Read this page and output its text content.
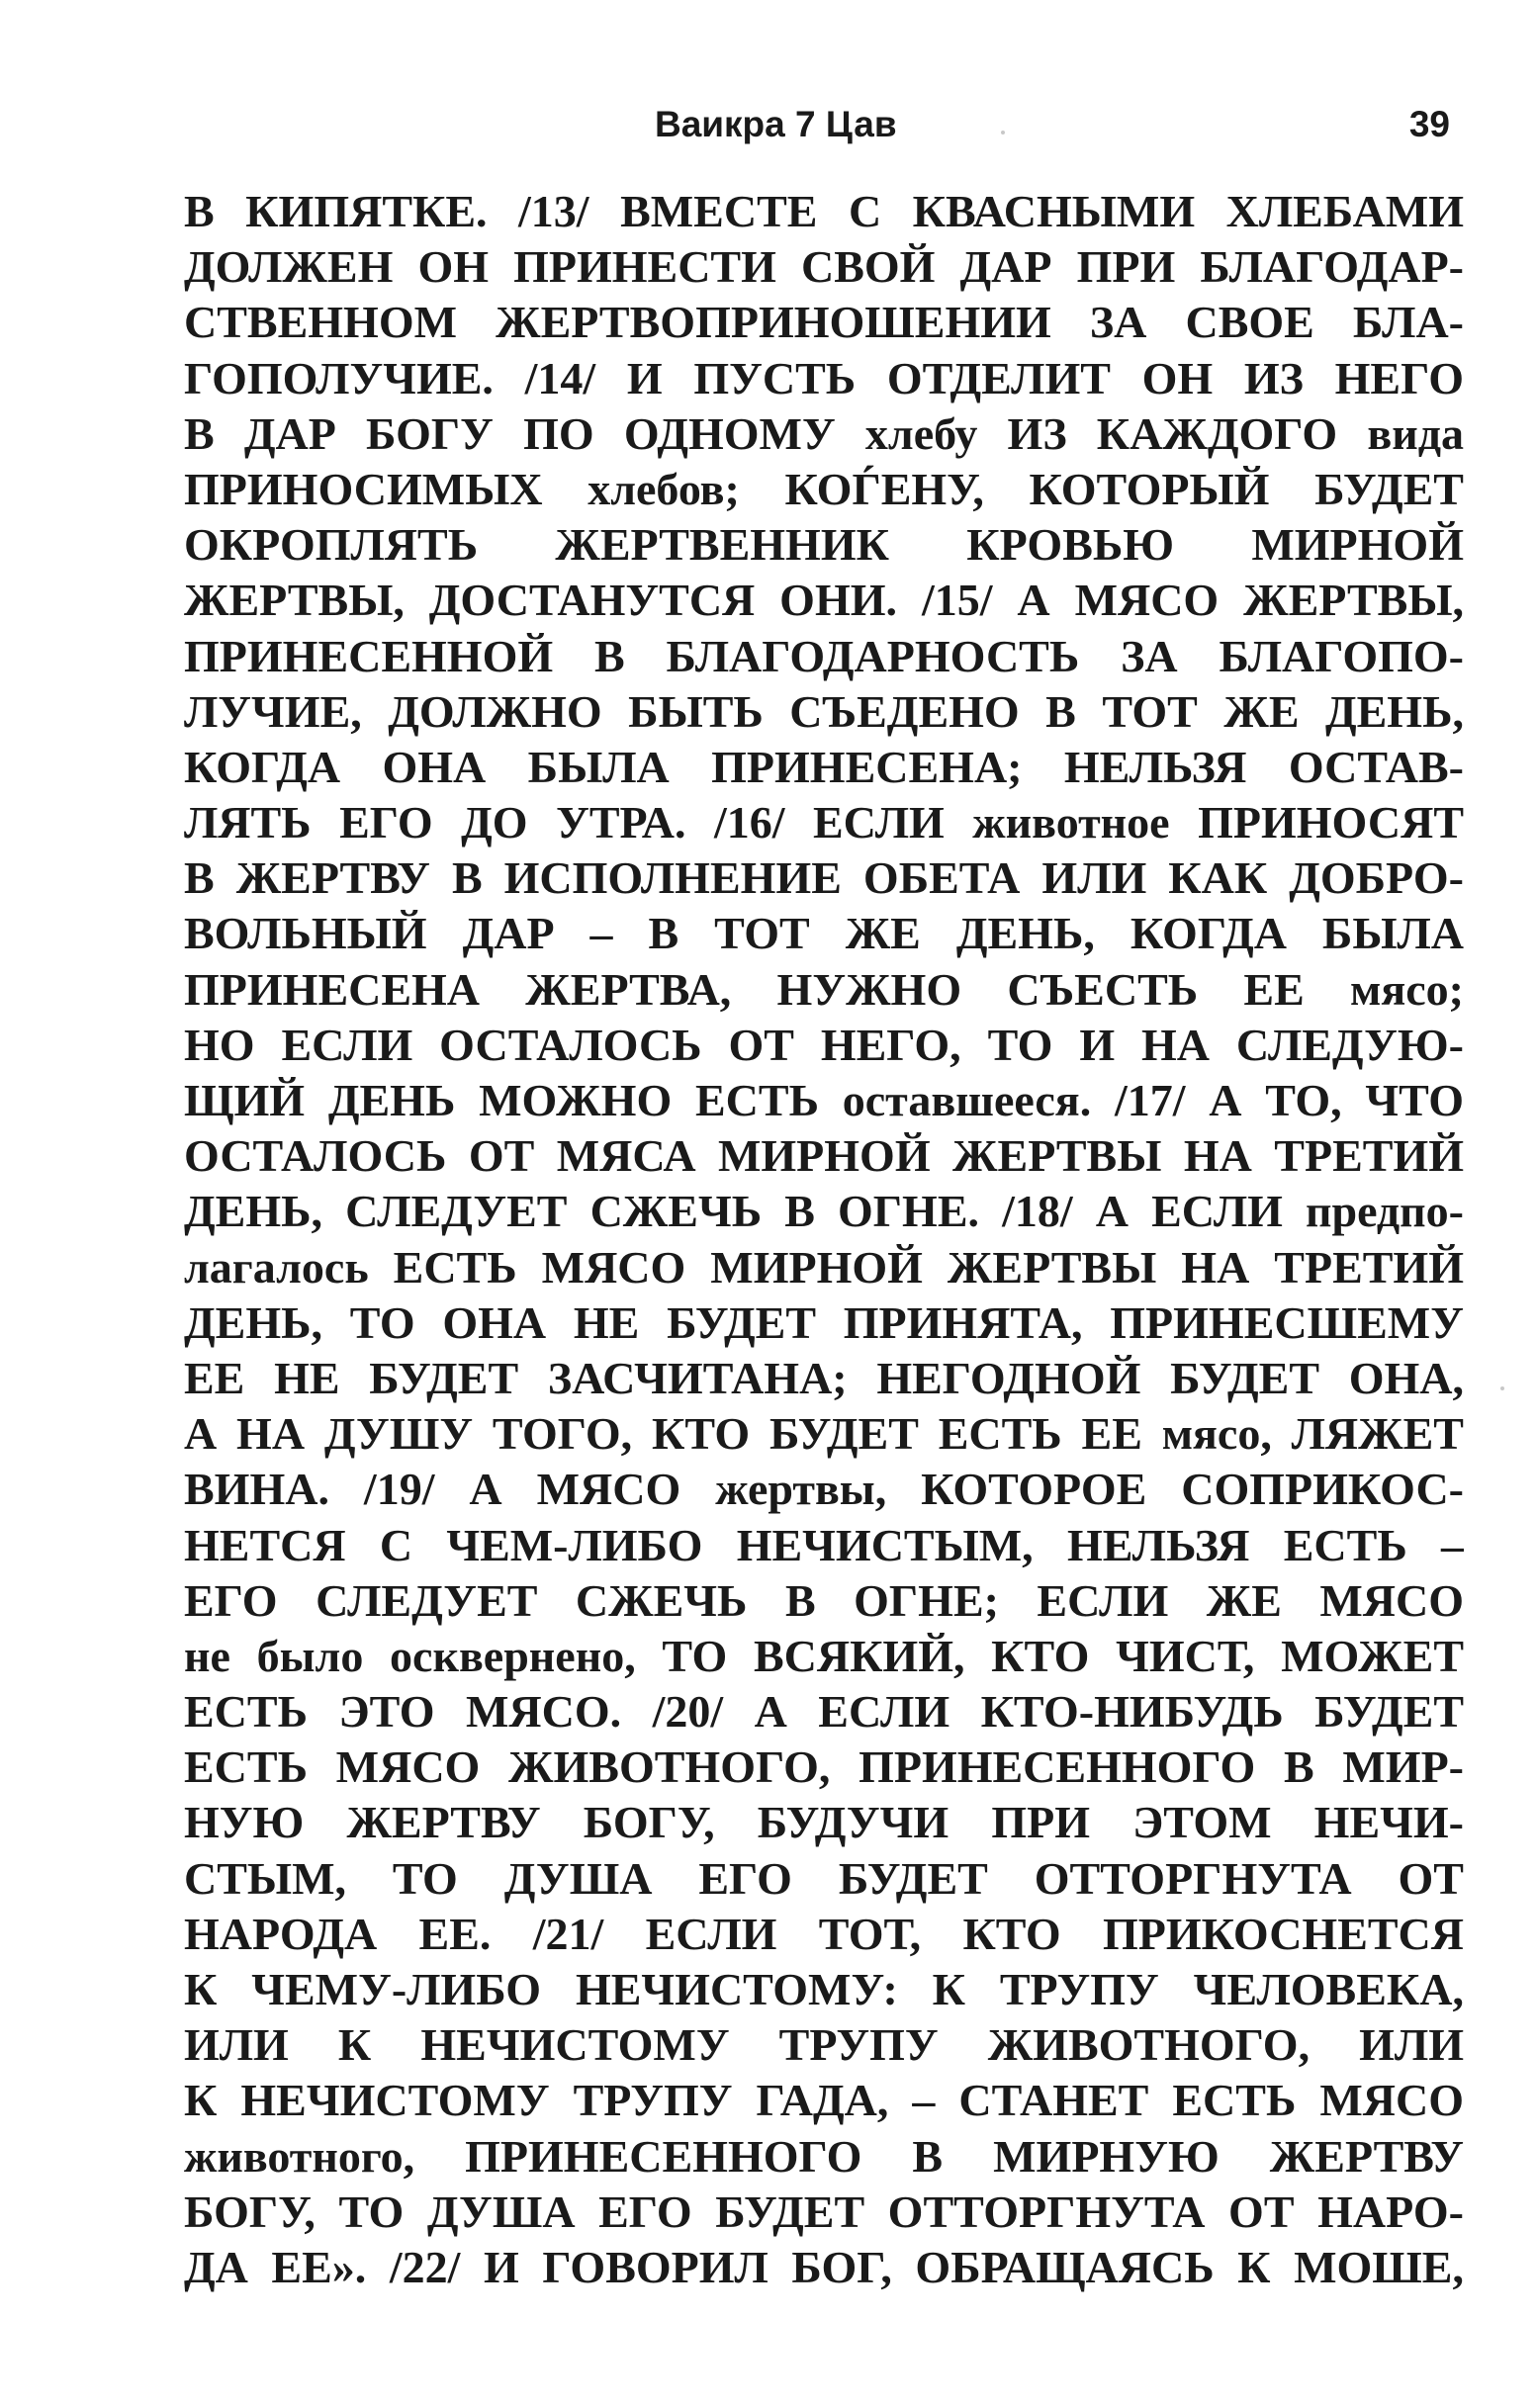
Ваикра 7 Цав	39
В КИПЯТКЕ. /13/ ВМЕСТЕ С КВАСНЫМИ ХЛЕБАМИ
ДОЛЖЕН ОН ПРИНЕСТИ СВОЙ ДАР ПРИ БЛАГОДАР-
СТВЕННОМ ЖЕРТВОПРИНОШЕНИИ ЗА СВОЕ БЛА-
ГОПОЛУЧИЕ. /14/ И ПУСТЬ ОТДЕЛИТ ОН ИЗ НЕГО
В ДАР БОГУ ПО ОДНОМУ хлебу ИЗ КАЖДОГО вида
ПРИНОСИМЫХ хлебов; КОЃЕНУ, КОТОРЫЙ БУДЕТ
ОКРОПЛЯТЬ ЖЕРТВЕННИК КРОВЬЮ МИРНОЙ
ЖЕРТВЫ, ДОСТАНУТСЯ ОНИ. /15/ А МЯСО ЖЕРТВЫ,
ПРИНЕСЕННОЙ В БЛАГОДАРНОСТЬ ЗА БЛАГОПО-
ЛУЧИЕ, ДОЛЖНО БЫТЬ СЪЕДЕНО В ТОТ ЖЕ ДЕНЬ,
КОГДА ОНА БЫЛА ПРИНЕСЕНА; НЕЛЬЗЯ ОСТАВ-
ЛЯТЬ ЕГО ДО УТРА. /16/ ЕСЛИ животное ПРИНОСЯТ
В ЖЕРТВУ В ИСПОЛНЕНИЕ ОБЕТА ИЛИ КАК ДОБРО-
ВОЛЬНЫЙ ДАР – В ТОТ ЖЕ ДЕНЬ, КОГДА БЫЛА
ПРИНЕСЕНА ЖЕРТВА, НУЖНО СЪЕСТЬ ЕЕ мясо;
НО ЕСЛИ ОСТАЛОСЬ ОТ НЕГО, ТО И НА СЛЕДУЮ-
ЩИЙ ДЕНЬ МОЖНО ЕСТЬ оставшееся. /17/ А ТО, ЧТО
ОСТАЛОСЬ ОТ МЯСА МИРНОЙ ЖЕРТВЫ НА ТРЕТИЙ
ДЕНЬ, СЛЕДУЕТ СЖЕЧЬ В ОГНЕ. /18/ А ЕСЛИ предпо-
лагалось ЕСТЬ МЯСО МИРНОЙ ЖЕРТВЫ НА ТРЕТИЙ
ДЕНЬ, ТО ОНА НЕ БУДЕТ ПРИНЯТА, ПРИНЕСШЕМУ
ЕЕ НЕ БУДЕТ ЗАСЧИТАНА; НЕГОДНОЙ БУДЕТ ОНА,
А НА ДУШУ ТОГО, КТО БУДЕТ ЕСТЬ ЕЕ мясо, ЛЯЖЕТ
ВИНА. /19/ А МЯСО жертвы, КОТОРОЕ СОПРИКОС-
НЕТСЯ С ЧЕМ-ЛИБО НЕЧИСТЫМ, НЕЛЬЗЯ ЕСТЬ –
ЕГО СЛЕДУЕТ СЖЕЧЬ В ОГНЕ; ЕСЛИ ЖЕ МЯСО
не было осквернено, ТО ВСЯКИЙ, КТО ЧИСТ, МОЖЕТ
ЕСТЬ ЭТО МЯСО. /20/ А ЕСЛИ КТО-НИБУДЬ БУДЕТ
ЕСТЬ МЯСО ЖИВОТНОГО, ПРИНЕСЕННОГО В МИР-
НУЮ ЖЕРТВУ БОГУ, БУДУЧИ ПРИ ЭТОМ НЕЧИ-
СТЫМ, ТО ДУША ЕГО БУДЕТ ОТТОРГНУТА ОТ
НАРОДА ЕЕ. /21/ ЕСЛИ ТОТ, КТО ПРИКОСНЕТСЯ
К ЧЕМУ-ЛИБО НЕЧИСТОМУ: К ТРУПУ ЧЕЛОВЕКА,
ИЛИ К НЕЧИСТОМУ ТРУПУ ЖИВОТНОГО, ИЛИ
К НЕЧИСТОМУ ТРУПУ ГАДА, – СТАНЕТ ЕСТЬ МЯСО
животного, ПРИНЕСЕННОГО В МИРНУЮ ЖЕРТВУ
БОГУ, ТО ДУША ЕГО БУДЕТ ОТТОРГНУТА ОТ НАРО-
ДА ЕЕ». /22/ И ГОВОРИЛ БОГ, ОБРАЩАЯСЬ К МОШЕ,
